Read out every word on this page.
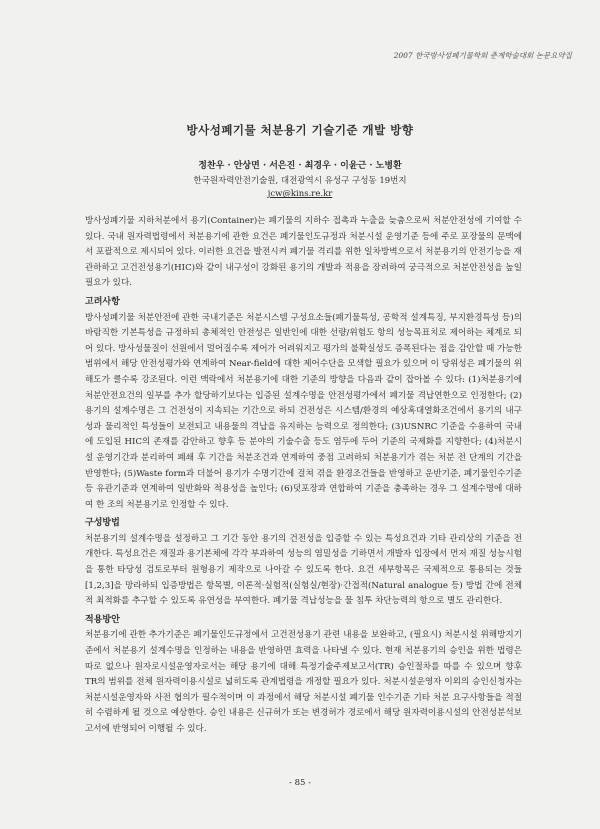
2007 한국방사성폐기물학회 춘계학술대회 논문요약집
방사성폐기물 처분용기 기술기준 개발 방향
정찬우 · 안상면 · 서은진 · 최경우 · 이윤근 · 노병환
한국원자력안전기술원, 대전광역시 유성구 구성동 19번지
jcw@kins.re.kr

방사성폐기물 지하처분에서 용기(Container)는 폐기물의 지하수 접촉과 누출을 늦춤으로써 처분안전성에 기여할 수 있다. 국내 원자력법령에서 처분용기에 관한 요건은 폐기물인도규정과 처분시설 운영기준 등에 주로 포장물의 문맥에서 포괄적으로 제시되어 있다. 이러한 요건을 발전시켜 폐기물 격리를 위한 일차방벽으로서 처분용기의 안전기능을 재관하하고 고건전성용기(HIC)와 같이 내구성이 강화된 용기의 개발과 적용을 장려하여 궁극적으로 처분안전성을 높일 필요가 있다.

고려사항

방사성폐기물 처분안전에 관한 국내기준은 처분시스템 구성요소들(폐기물특성, 공학적 설계특징, 부지환경특성 등)의 바람직한 기본특성을 규정하되 총체적인 안전성은 일반인에 대한 선량/위험도 항의 성능목표치로 제어하는 체계로 되어 있다. 방사성물질이 선원에서 멀어질수록 제어가 어려워지고 평가의 불확실성도 증폭된다는 점을 감안할 때 가능한 범위에서 해당 안전성평가와 연계하여 Near-field에 대한 제어수단을 모색할 필요가 있으며 이 당위성은 폐기물의 위해도가 클수록 강조된다. 이런 맥락에서 처분용기에 대한 기준의 방향을 다음과 같이 잡아볼 수 있다: (1)처분용기에 처분안전요건의 일부를 추가 할당하기보다는 입증된 설계수명을 안전성평가에서 폐기물 격납연한으로 인정한다; (2)용기의 설계수명은 그 건전성이 지속되는 기간으로 하되 건전성은 시스템/환경의 예상혹대열화조건에서 용기의 내구성과 물리적인 특성들이 보전되고 내용물의 격납을 유지하는 능력으로 정의한다; (3)USNRC 기준을 수용하여 국내에 도입된 HIC의 존재를 감안하고 향후 등 분야의 기술수출 등도 염두에 두어 기준의 국제화를 지향한다; (4)처분시설 운영기간과 분리하여 폐쇄 후 기간을 처분조건과 연계하여 중점 고려하되 처분용기가 겪는 처분 전 단계의 기간을 반영한다; (5)Waste form과 더불어 용기가 수명기간에 걸쳐 겪을 환경조건들을 반영하고 운반기준, 폐기물인수기준 등 유관기준과 연계하여 일반화와 적용성을 높인다; (6)덧포장과 연합하여 기준을 충족하는 경우 그 설계수명에 대하여 한 조의 처분용기로 인정할 수 있다.

구성방법

처분용기의 설계수명을 설정하고 그 기간 동안 용기의 건전성을 입증할 수 있는 특성요건과 기타 관리상의 기준을 전개한다. 특성요건은 재질과 용기본체에 각각 부과하여 성능의 염밀성을 기하면서 개발자 입장에서 먼저 재질 성능시험을 통한 타당성 검토로부터 원형용기 제작으로 나아갈 수 있도록 한다. 요건 세부항목은 국제적으로 통용되는 것들[1,2,3]을 망라하되 입증방법은 항목별, 이론적·실험적(실험실/현장)·간접적(Natural analogue 등) 방법 간에 전체적 최적화를 추구할 수 있도록 유연성을 부여한다. 폐기물 격납성능을 물 침투 차단능력의 항으로 별도 관리한다.

적용방안

처분용기에 관한 추가기준은 폐기물인도규정에서 고건전성용기 관련 내용을 보완하고, (필요시) 처분시설 위해방지기준에서 처분용기 설계수명을 인정하는 내용을 반영하면 효력을 나타낼 수 있다. 현재 처분용기의 승인을 위한 법령은 따로 없으나 원자로시설운영자로서는 해당 용기에 대해 특정기술주제보고서(TR) 승인절차를 따를 수 있으며 향후 TR의 범위를 전체 원자력이용시설로 넓히도록 관계법령을 개정할 필요가 있다. 처분시설운영자 이외의 승인신청자는 처분시설운영자와 사전 협의가 필수적이며 이 과정에서 해당 처분시설 폐기물 인수기준 기타 처분 요구사항들을 적절히 수렴하게 될 것으로 예상한다. 승인 내용은 신규허가 또는 변경허가 경로에서 해당 원자력이용시설의 안전성분석보고서에 반영되어 이행될 수 있다.

- 85 -
